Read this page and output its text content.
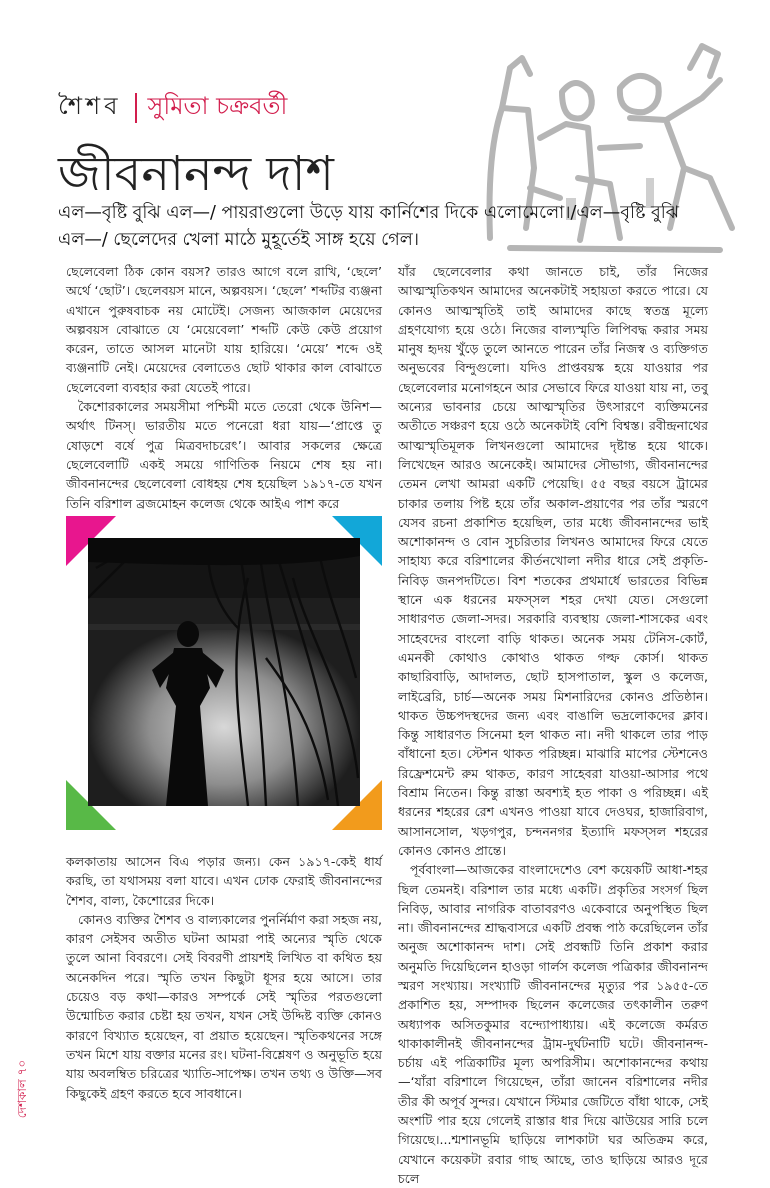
শৈশব সুমিতা চক্রবর্তী
জীবনানন্দ দাশ
এল—বৃষ্টি বুঝি এল—/ পায়রাগুলো উড়ে যায় কার্নিশের দিকে এলোমেলো।/এল—বৃষ্টি বুঝি এল—/ ছেলেদের খেলা মাঠে মুহূর্তেই সাঙ্গ হয়ে গেল।

ছেলেবেলা ঠিক কোন বয়স? তারও আগে বলে রাখি, ‘ছেলে’ অর্থে ‘ছোট’। ছেলেবয়স মানে, অল্পবয়স। ‘ছেলে’ শব্দটির ব্যঞ্জনা এখানে পুরুষবাচক নয় মোটেই। সেজন্য আজকাল মেয়েদের অল্পবয়স বোঝাতে যে ‘মেয়েবেলা’ শব্দটি কেউ কেউ প্রয়োগ করেন, তাতে আসল মানেটা যায় হারিয়ে। ‘মেয়ে’ শব্দে ওই ব্যঞ্জনাটি নেই। মেয়েদের বেলাতেও ছোট থাকার কাল বোঝাতে ছেলেবেলা ব্যবহার করা যেতেই পারে।

কৈশোরকালের সময়সীমা পশ্চিমী মতে তেরো থেকে উনিশ—অর্থাৎ টিনস্‌। ভারতীয় মতে পনেরো ধরা যায়—‘প্রাপ্তে তু ষোড়শে বর্ষে পুত্র মিত্রবদাচরেৎ’। আবার সকলের ক্ষেত্রে ছেলেবেলাটি একই সময়ে গাণিতিক নিয়মে শেষ হয় না। জীবনানন্দের ছেলেবেলা বোধহয় শেষ হয়েছিল ১৯১৭-তে যখন তিনি বরিশাল ব্রজমোহন কলেজ থেকে আইএ পাশ করে

কলকাতায় আসেন বিএ পড়ার জন্য। কেন ১৯১৭-কেই ধার্য করছি, তা যথাসময় বলা যাবে। এখন ঢোক ফেরাই জীবনানন্দের শৈশব, বাল্য, কৈশোরের দিকে।

কোনও ব্যক্তির শৈশব ও বাল্যকালের পুনর্নির্মাণ করা সহজ নয়, কারণ সেইসব অতীত ঘটনা আমরা পাই অন্যের স্মৃতি থেকে তুলে আনা বিবরণে। সেই বিবরণী প্রায়শই লিখিত বা কথিত হয় অনেকদিন পরে। স্মৃতি তখন কিছুটা ধূসর হয়ে আসে। তার চেয়েও বড় কথা—কারও সম্পর্কে সেই স্মৃতির পরতগুলো উন্মোচিত করার চেষ্টা হয় তখন, যখন সেই উদ্দিষ্ট ব্যক্তি কোনও কারণে বিখ্যাত হয়েছেন, বা প্রয়াত হয়েছেন। স্মৃতিকথনের সঙ্গে তখন মিশে যায় বক্তার মনের রং। ঘটনা-বিশ্লেষণ ও অনুভূতি হয়ে যায় অবলম্বিত চরিত্রের খ্যাতি-সাপেক্ষ। তখন তথ্য ও উক্তি—সব কিছুকেই গ্রহণ করতে হবে সাবধানে।

যাঁর ছেলেবেলার কথা জানতে চাই, তাঁর নিজের আত্মস্মৃতিকথন আমাদের অনেকটাই সহায়তা করতে পারে। যে কোনও আত্মস্মৃতিই তাই আমাদের কাছে স্বতন্ত্র মূল্যে গ্রহণযোগ্য হয়ে ওঠে। নিজের বাল্যস্মৃতি লিপিবদ্ধ করার সময় মানুষ হৃদয় খুঁড়ে তুলে আনতে পারেন তাঁর নিজস্ব ও ব্যক্তিগত অনুভবের বিন্দুগুলো। যদিও প্রাপ্তবয়স্ক হয়ে যাওয়ার পর ছেলেবেলার মনোগহনে আর সেভাবে ফিরে যাওয়া যায় না, তবু অন্যের ভাবনার চেয়ে আত্মস্মৃতির উৎসারণে ব্যক্তিমনের অতীতে সঞ্চরণ হয়ে ওঠে অনেকটাই বেশি বিশ্বস্ত। রবীন্দ্রনাথের আত্মস্মৃতিমূলক লিখনগুলো আমাদের দৃষ্টান্ত হয়ে থাকে। লিখেছেন আরও অনেকেই। আমাদের সৌভাগ্য, জীবনানন্দের তেমন লেখা আমরা একটি পেয়েছি। ৫৫ বছর বয়সে ট্রামের চাকার তলায় পিষ্ট হয়ে তাঁর অকাল-প্রয়াণের পর তাঁর স্মরণে যেসব রচনা প্রকাশিত হয়েছিল, তার মধ্যে জীবনানন্দের ভাই অশোকানন্দ ও বোন সুচরিতার লিখনও আমাদের ফিরে যেতে সাহায্য করে বরিশালের কীর্তনখোলা নদীর ধারে সেই প্রকৃতি-নিবিড় জনপদটিতে। বিশ শতকের প্রথমার্ধে ভারতের বিভিন্ন স্থানে এক ধরনের মফস্সল শহর দেখা যেত। সেগুলো সাধারণত জেলা-সদর। সরকারি ব্যবস্থায় জেলা-শাসকের এবং সাহেবদের বাংলো বাড়ি থাকত। অনেক সময় টেনিস-কোর্ট, এমনকী কোথাও কোথাও থাকত গল্ফ কোর্স। থাকত কাছারিবাড়ি, আদালত, ছোট হাসপাতাল, স্কুল ও কলেজ, লাইব্রেরি, চার্চ—অনেক সময় মিশনারিদের কোনও প্রতিষ্ঠান। থাকত উচ্চপদস্থদের জন্য এবং বাঙালি ভদ্রলোকদের ক্লাব। কিন্তু সাধারণত সিনেমা হল থাকত না। নদী থাকলে তার পাড় বাঁধানো হত। স্টেশন থাকত পরিচ্ছন্ন। মাঝারি মাপের স্টেশনেও রিফ্রেশমেন্ট রুম থাকত, কারণ সাহেবরা যাওয়া-আসার পথে বিশ্রাম নিতেন। কিন্তু রাস্তা অবশ্যই হত পাকা ও পরিচ্ছন্ন। এই ধরনের শহরের রেশ এখনও পাওয়া যাবে দেওঘর, হাজারিবাগ, আসানসোল, খড়গপুর, চন্দননগর ইত্যাদি মফস্সল শহরের কোনও কোনও প্রান্তে।

পূর্ববাংলা—আজকের বাংলাদেশেও বেশ কয়েকটি আধা-শহর ছিল তেমনই। বরিশাল তার মধ্যে একটি। প্রকৃতির সংসর্গ ছিল নিবিড়, আবার নাগরিক বাতাবরণও একেবারে অনুপস্থিত ছিল না। জীবনানন্দের শ্রাদ্ধবাসরে একটি প্রবন্ধ পাঠ করেছিলেন তাঁর অনুজ অশোকানন্দ দাশ। সেই প্রবন্ধটি তিনি প্রকাশ করার অনুমতি দিয়েছিলেন হাওড়া গার্লস কলেজ পত্রিকার জীবনানন্দ স্মরণ সংখ্যায়। সংখ্যাটি জীবনানন্দের মৃত্যুর পর ১৯৫৫-তে প্রকাশিত হয়, সম্পাদক ছিলেন কলেজের তৎকালীন তরুণ অধ্যাপক অসিতকুমার বন্দ্যোপাধ্যায়। এই কলেজে কর্মরত থাকাকালীনই জীবনানন্দের ট্রাম-দুর্ঘটনাটি ঘটে। জীবনানন্দ-চর্চায় এই পত্রিকাটির মূল্য অপরিসীম। অশোকানন্দের কথায়—‘যাঁরা বরিশালে গিয়েছেন, তাঁরা জানেন বরিশালের নদীর তীর কী অপূর্ব সুন্দর। যেখানে স্টিমার জেটিতে বাঁধা থাকে, সেই অংশটি পার হয়ে গেলেই রাস্তার ধার দিয়ে ঝাউয়ের সারি চলে গিয়েছে।...শ্মশানভূমি ছাড়িয়ে লাশকাটা ঘর অতিক্রম করে, যেখানে কয়েকটা রবার গাছ আছে, তাও ছাড়িয়ে আরও দূরে চলে

দেশকাল ৭০
